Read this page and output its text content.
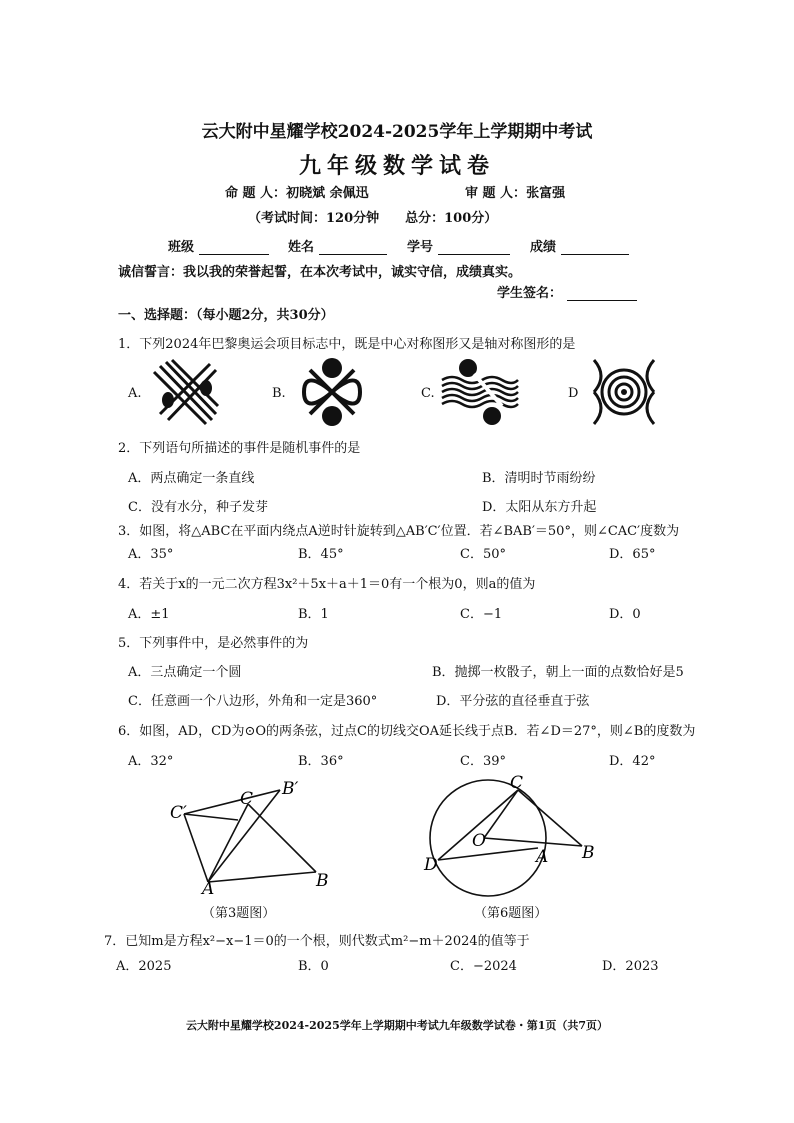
云大附中星耀学校2024-2025学年上学期期中考试
九年级数学试卷
命 题 人：初晓斌 余佩迅	审 题 人：张富强
（考试时间：120分钟　　总分：100分）
班级	姓名	学号	成绩
诚信誓言：我以我的荣誉起誓，在本次考试中，诚实守信，成绩真实。
学生签名：
一、选择题：（每小题2分，共30分）
1．下列2024年巴黎奥运会项目标志中，既是中心对称图形又是轴对称图形的是
A.	B.	C.	D
2．下列语句所描述的事件是随机事件的是
A．两点确定一条直线	B．清明时节雨纷纷
C．没有水分，种子发芽	D．太阳从东方升起
3．如图，将△ABC在平面内绕点A逆时针旋转到△AB′C′位置．若∠BAB′＝50°，则∠CAC′度数为
A．35°	B．45°	C．50°	D．65°
4．若关于x的一元二次方程3x²＋5x＋a＋1＝0有一个根为0，则a的值为
A．±1	B．1	C．−1	D．0
5．下列事件中，是必然事件的为
A．三点确定一个圆	B．抛掷一枚骰子，朝上一面的点数恰好是5
C．任意画一个八边形，外角和一定是360°	D．平分弦的直径垂直于弦
6．如图，AD，CD为⊙O的两条弦，过点C的切线交OA延长线于点B．若∠D＝27°，则∠B的度数为
A．32°	B．36°	C．39°	D．42°
C′
C B′
A	B
（第3题图）
C
O
A B
D
（第6题图）
7．已知m是方程x²−x−1＝0的一个根，则代数式m²−m＋2024的值等于
A．2025	B．0	C．−2024	D．2023
云大附中星耀学校2024-2025学年上学期期中考试九年级数学试卷・第1页（共7页）
